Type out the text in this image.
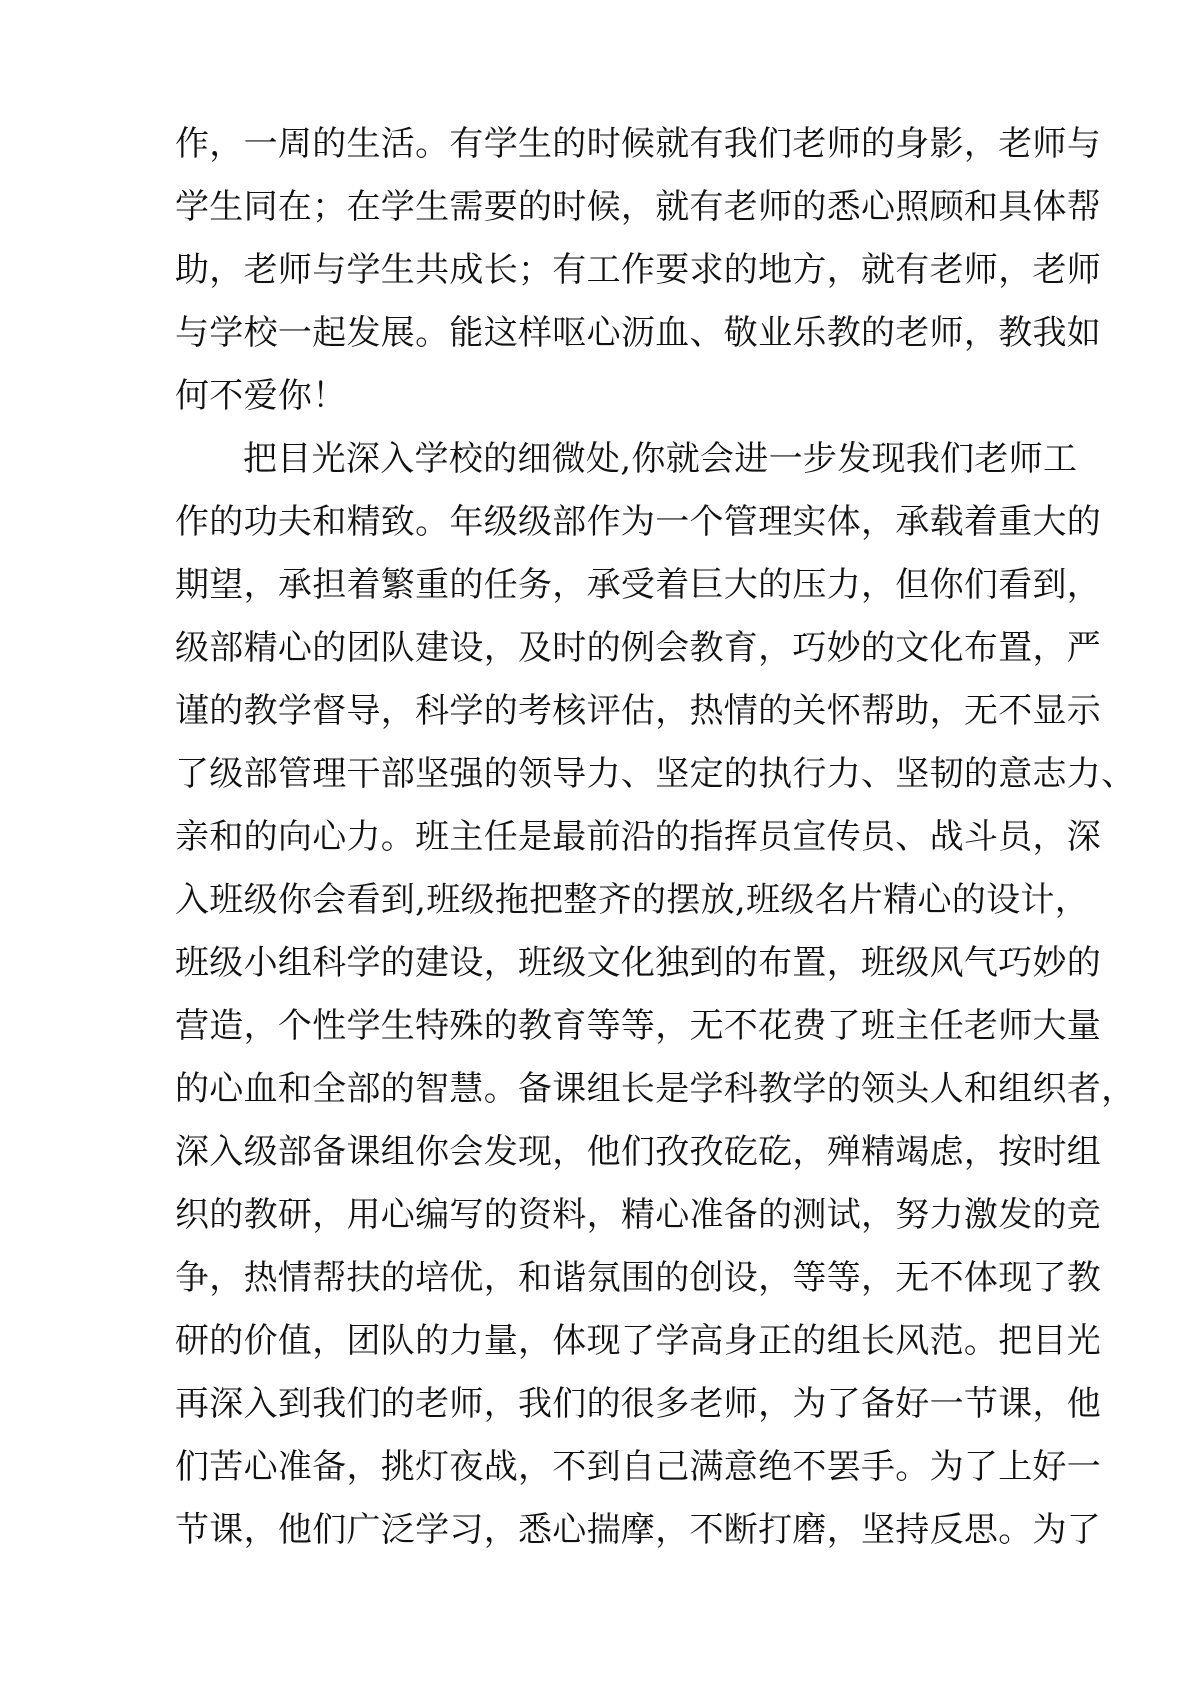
作，一周的生活。有学生的时候就有我们老师的身影，老师与
学生同在；在学生需要的时候，就有老师的悉心照顾和具体帮
助，老师与学生共成长；有工作要求的地方，就有老师，老师
与学校一起发展。能这样呕心沥血、敬业乐教的老师，教我如
何不爱你！
把目光深入学校的细微处,你就会进一步发现我们老师工
作的功夫和精致。年级级部作为一个管理实体，承载着重大的
期望，承担着繁重的任务，承受着巨大的压力，但你们看到，
级部精心的团队建设，及时的例会教育，巧妙的文化布置，严
谨的教学督导，科学的考核评估，热情的关怀帮助，无不显示
了级部管理干部坚强的领导力、坚定的执行力、坚韧的意志力、
亲和的向心力。班主任是最前沿的指挥员宣传员、战斗员，深
入班级你会看到,班级拖把整齐的摆放,班级名片精心的设计，
班级小组科学的建设，班级文化独到的布置，班级风气巧妙的
营造，个性学生特殊的教育等等，无不花费了班主任老师大量
的心血和全部的智慧。备课组长是学科教学的领头人和组织者，
深入级部备课组你会发现，他们孜孜矻矻，殚精竭虑，按时组
织的教研，用心编写的资料，精心准备的测试，努力激发的竞
争，热情帮扶的培优，和谐氛围的创设，等等，无不体现了教
研的价值，团队的力量，体现了学高身正的组长风范。把目光
再深入到我们的老师，我们的很多老师，为了备好一节课，他
们苦心准备，挑灯夜战，不到自己满意绝不罢手。为了上好一
节课，他们广泛学习，悉心揣摩，不断打磨，坚持反思。为了
